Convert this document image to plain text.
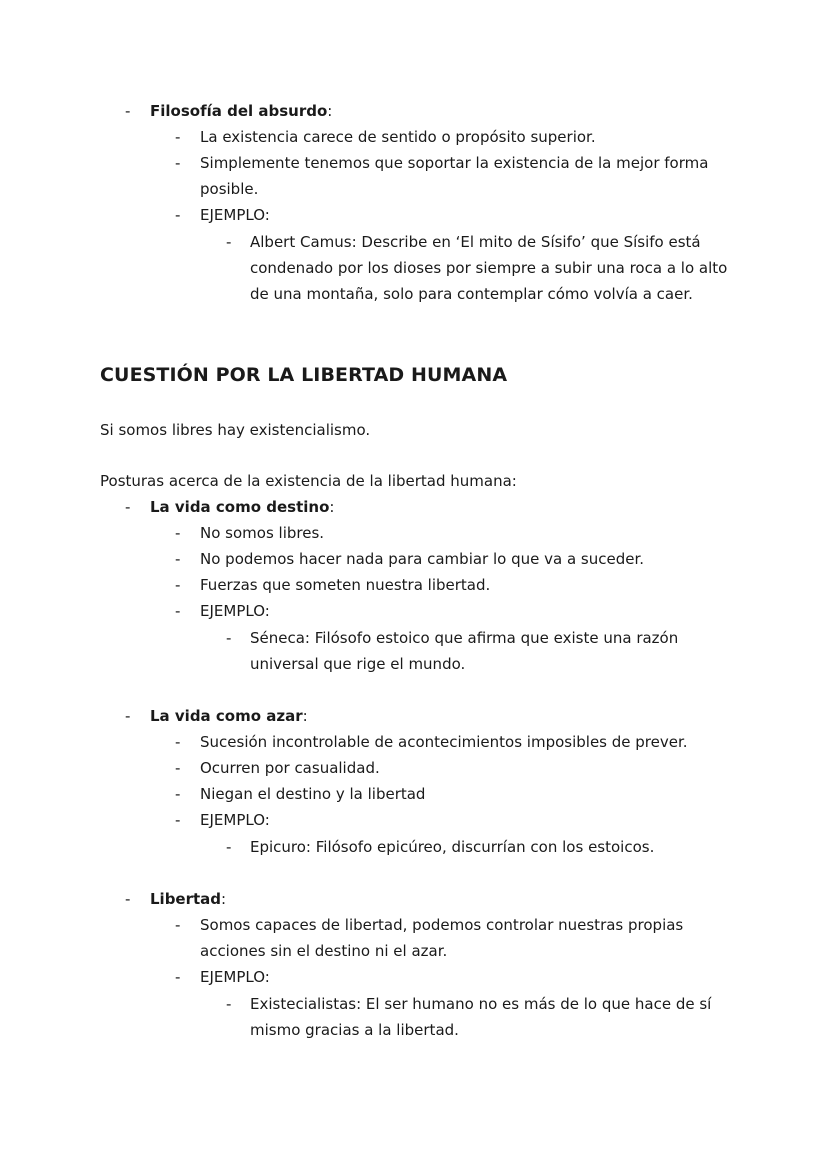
- Filosofía del absurdo:
- La existencia carece de sentido o propósito superior.
- Simplemente tenemos que soportar la existencia de la mejor forma
posible.
- EJEMPLO:
- Albert Camus: Describe en ‘El mito de Sísifo’ que Sísifo está
condenado por los dioses por siempre a subir una roca a lo alto
de una montaña, solo para contemplar cómo volvía a caer.
CUESTIÓN POR LA LIBERTAD HUMANA
Si somos libres hay existencialismo.
Posturas acerca de la existencia de la libertad humana:
- La vida como destino:
- No somos libres.
- No podemos hacer nada para cambiar lo que va a suceder.
- Fuerzas que someten nuestra libertad.
- EJEMPLO:
- Séneca: Filósofo estoico que afirma que existe una razón
universal que rige el mundo.
- La vida como azar:
- Sucesión incontrolable de acontecimientos imposibles de prever.
- Ocurren por casualidad.
- Niegan el destino y la libertad
- EJEMPLO:
- Epicuro: Filósofo epicúreo, discurrían con los estoicos.
- Libertad:
- Somos capaces de libertad, podemos controlar nuestras propias
acciones sin el destino ni el azar.
- EJEMPLO:
- Existecialistas: El ser humano no es más de lo que hace de sí
mismo gracias a la libertad.
